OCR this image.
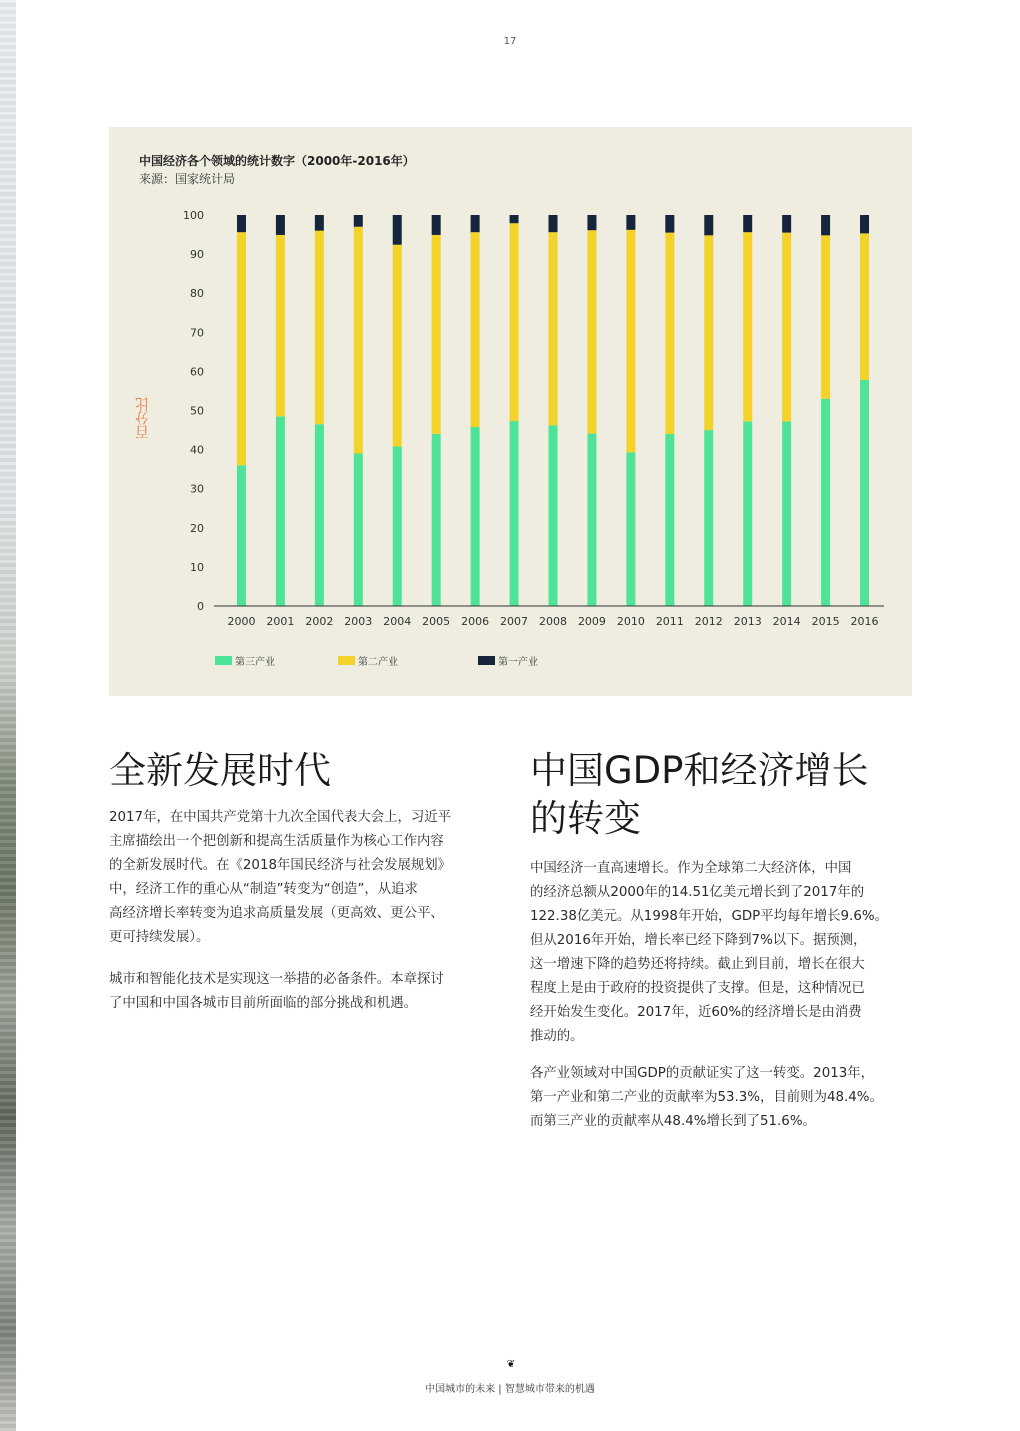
17
中国经济各个领域的统计数字（2000年-2016年）
来源：国家统计局
百分比
0
10
20
30
40
50
60
70
80
90
100
2000 2001 2002 2003 2004 2005 2006 2007 2008 2009 2010 2011 2012 2013 2014 2015 2016
第三产业	第二产业	第一产业
全新发展时代
2017年，在中国共产党第十九次全国代表大会上，习近平
主席描绘出一个把创新和提高生活质量作为核心工作内容
的全新发展时代。在《2018年国民经济与社会发展规划》
中，经济工作的重心从“制造”转变为“创造”，从追求
高经济增长率转变为追求高质量发展（更高效、更公平、
更可持续发展）。
城市和智能化技术是实现这一举措的必备条件。本章探讨
了中国和中国各城市目前所面临的部分挑战和机遇。
中国GDP和经济增长
的转变
中国经济一直高速增长。作为全球第二大经济体，中国
的经济总额从2000年的14.51亿美元增长到了2017年的
122.38亿美元。从1998年开始，GDP平均每年增长9.6%。
但从2016年开始，增长率已经下降到7%以下。据预测，
这一增速下降的趋势还将持续。截止到目前，增长在很大
程度上是由于政府的投资提供了支撑。但是，这种情况已
经开始发生变化。2017年，近60%的经济增长是由消费
推动的。
各产业领域对中国GDP的贡献证实了这一转变。2013年，
第一产业和第二产业的贡献率为53.3%，目前则为48.4%。
而第三产业的贡献率从48.4%增长到了51.6%。
❦
中国城市的未来 | 智慧城市带来的机遇
